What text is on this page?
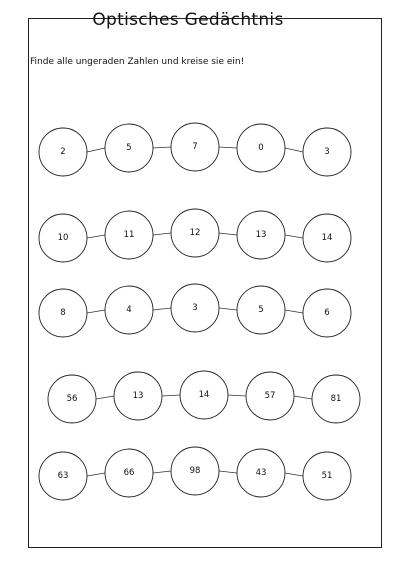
Optisches Gedächtnis
Finde alle ungeraden Zahlen und kreise sie ein!
2	5	7	0	3
10	11	12	13	14
8	4	3	5	6
56	13	14	57	81
63	66	98	43	51
